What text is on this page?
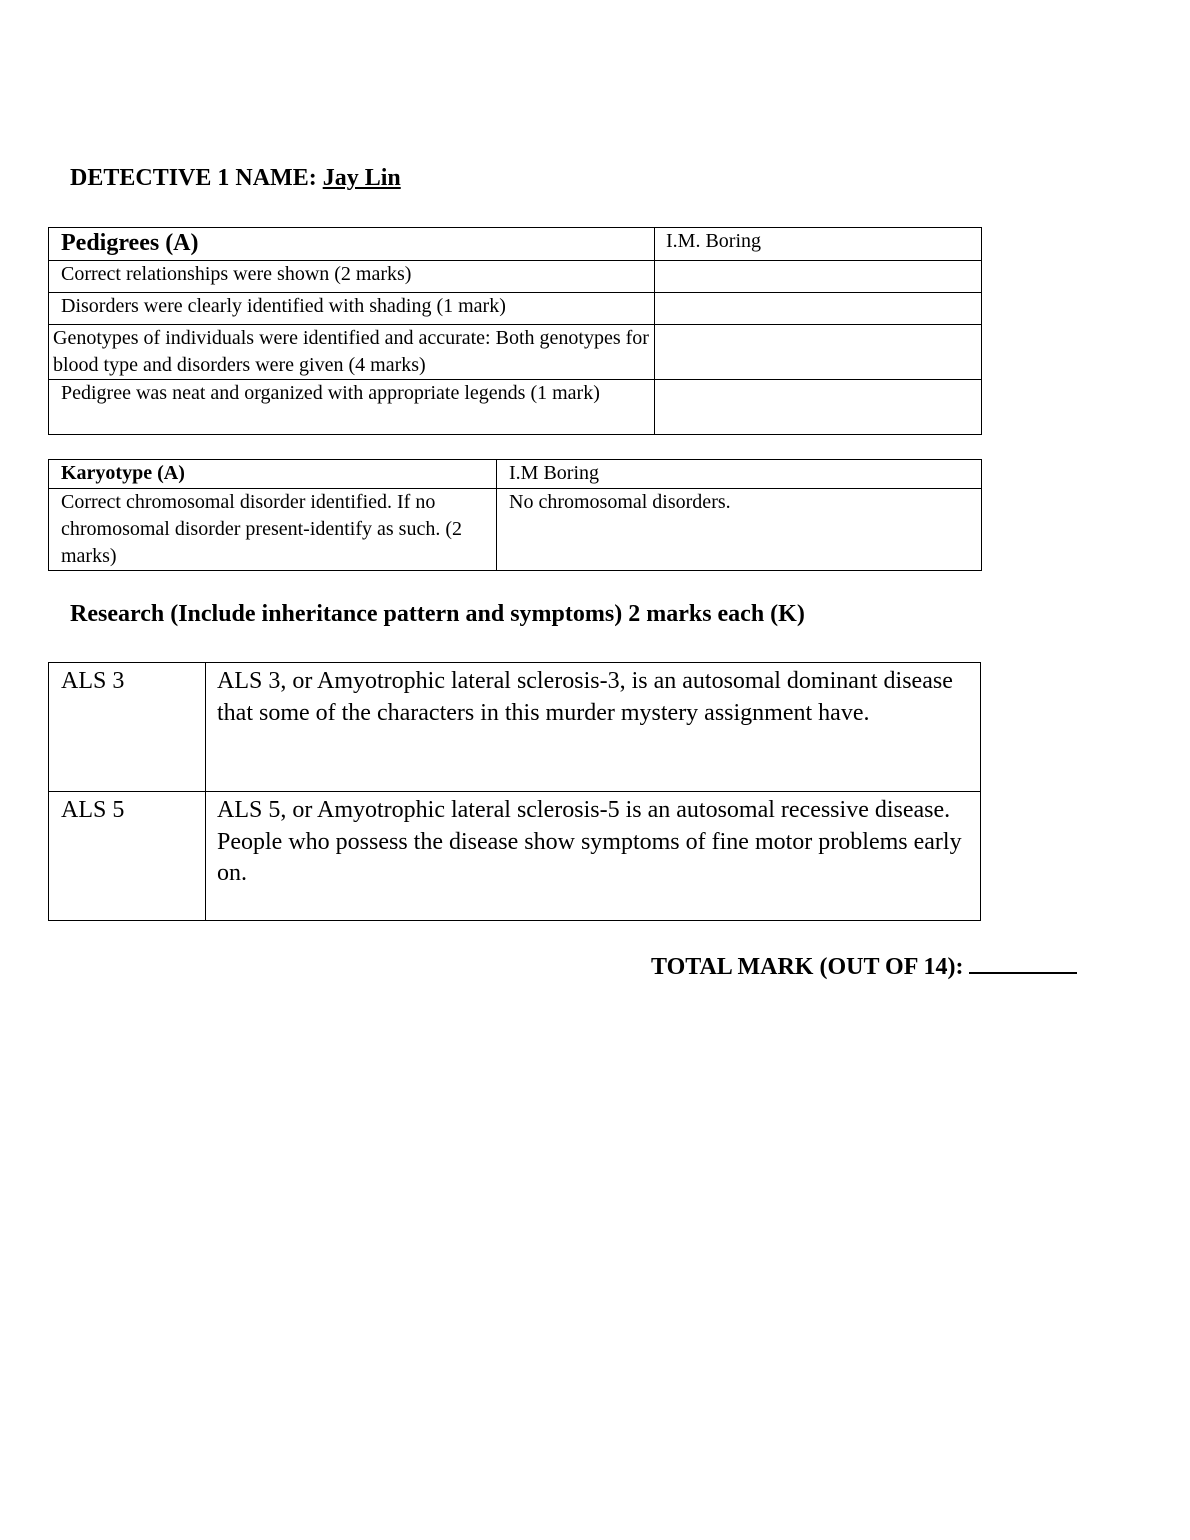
DETECTIVE 1 NAME: Jay Lin
Pedigrees (A)	I.M. Boring
Correct relationships were shown (2 marks)	
Disorders were clearly identified with shading (1 mark)	
Genotypes of individuals were identified and accurate: Both genotypes for blood type and disorders were given (4 marks)	
Pedigree was neat and organized with appropriate legends (1 mark)	
Karyotype (A)	I.M Boring
Correct chromosomal disorder identified. If no chromosomal disorder present-identify as such. (2 marks)	No chromosomal disorders.
Research (Include inheritance pattern and symptoms) 2 marks each (K)
ALS 3	ALS 3, or Amyotrophic lateral sclerosis-3, is an autosomal dominant disease that some of the characters in this murder mystery assignment have.
ALS 5	ALS 5, or Amyotrophic lateral sclerosis-5 is an autosomal recessive disease. People who possess the disease show symptoms of fine motor problems early on.
TOTAL MARK (OUT OF 14):
